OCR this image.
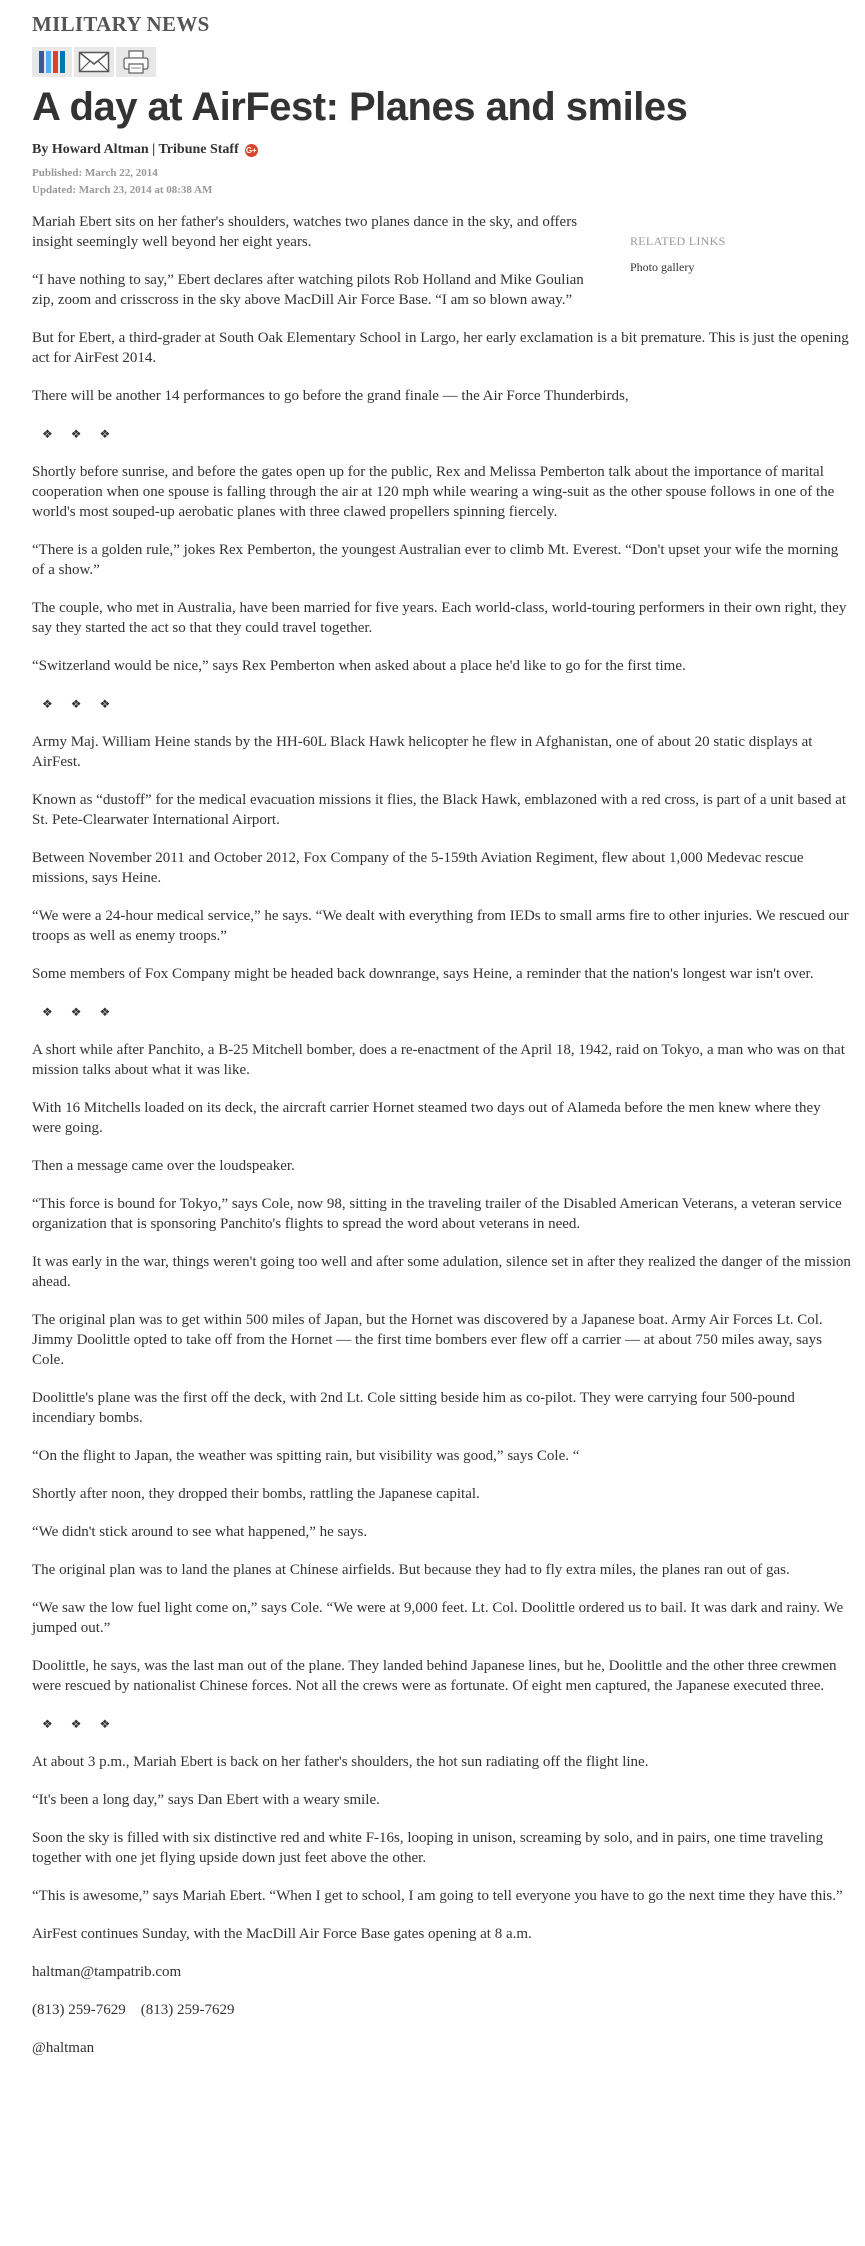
MILITARY NEWS
A day at AirFest: Planes and smiles
By Howard Altman | Tribune Staff G+
Published: March 22, 2014
Updated: March 23, 2014 at 08:38 AM
RELATED LINKS
Photo gallery

Mariah Ebert sits on her father's shoulders, watches two planes dance in the sky, and offers insight seemingly well beyond her eight years.

“I have nothing to say,” Ebert declares after watching pilots Rob Holland and Mike Goulian zip, zoom and crisscross in the sky above MacDill Air Force Base. “I am so blown away.”

But for Ebert, a third-grader at South Oak Elementary School in Largo, her early exclamation is a bit premature. This is just the opening act for AirFest 2014.

There will be another 14 performances to go before the grand finale — the Air Force Thunderbirds,

❖ ❖ ❖

Shortly before sunrise, and before the gates open up for the public, Rex and Melissa Pemberton talk about the importance of marital cooperation when one spouse is falling through the air at 120 mph while wearing a wing-suit as the other spouse follows in one of the world's most souped-up aerobatic planes with three clawed propellers spinning fiercely.

“There is a golden rule,” jokes Rex Pemberton, the youngest Australian ever to climb Mt. Everest. “Don't upset your wife the morning of a show.”

The couple, who met in Australia, have been married for five years. Each world-class, world-touring performers in their own right, they say they started the act so that they could travel together.

“Switzerland would be nice,” says Rex Pemberton when asked about a place he'd like to go for the first time.

❖ ❖ ❖

Army Maj. William Heine stands by the HH-60L Black Hawk helicopter he flew in Afghanistan, one of about 20 static displays at AirFest.

Known as “dustoff” for the medical evacuation missions it flies, the Black Hawk, emblazoned with a red cross, is part of a unit based at St. Pete-Clearwater International Airport.

Between November 2011 and October 2012, Fox Company of the 5-159th Aviation Regiment, flew about 1,000 Medevac rescue missions, says Heine.

“We were a 24-hour medical service,” he says. “We dealt with everything from IEDs to small arms fire to other injuries. We rescued our troops as well as enemy troops.”

Some members of Fox Company might be headed back downrange, says Heine, a reminder that the nation's longest war isn't over.

❖ ❖ ❖

A short while after Panchito, a B-25 Mitchell bomber, does a re-enactment of the April 18, 1942, raid on Tokyo, a man who was on that mission talks about what it was like.

With 16 Mitchells loaded on its deck, the aircraft carrier Hornet steamed two days out of Alameda before the men knew where they were going.

Then a message came over the loudspeaker.

“This force is bound for Tokyo,” says Cole, now 98, sitting in the traveling trailer of the Disabled American Veterans, a veteran service organization that is sponsoring Panchito's flights to spread the word about veterans in need.

It was early in the war, things weren't going too well and after some adulation, silence set in after they realized the danger of the mission ahead.

The original plan was to get within 500 miles of Japan, but the Hornet was discovered by a Japanese boat. Army Air Forces Lt. Col. Jimmy Doolittle opted to take off from the Hornet — the first time bombers ever flew off a carrier — at about 750 miles away, says Cole.

Doolittle's plane was the first off the deck, with 2nd Lt. Cole sitting beside him as co-pilot. They were carrying four 500-pound incendiary bombs.

“On the flight to Japan, the weather was spitting rain, but visibility was good,” says Cole. “

Shortly after noon, they dropped their bombs, rattling the Japanese capital.

“We didn't stick around to see what happened,” he says.

The original plan was to land the planes at Chinese airfields. But because they had to fly extra miles, the planes ran out of gas.

“We saw the low fuel light come on,” says Cole. “We were at 9,000 feet. Lt. Col. Doolittle ordered us to bail. It was dark and rainy. We jumped out.”

Doolittle, he says, was the last man out of the plane. They landed behind Japanese lines, but he, Doolittle and the other three crewmen were rescued by nationalist Chinese forces. Not all the crews were as fortunate. Of eight men captured, the Japanese executed three.

❖ ❖ ❖

At about 3 p.m., Mariah Ebert is back on her father's shoulders, the hot sun radiating off the flight line.

“It's been a long day,” says Dan Ebert with a weary smile.

Soon the sky is filled with six distinctive red and white F-16s, looping in unison, screaming by solo, and in pairs, one time traveling together with one jet flying upside down just feet above the other.

“This is awesome,” says Mariah Ebert. “When I get to school, I am going to tell everyone you have to go the next time they have this.”

AirFest continues Sunday, with the MacDill Air Force Base gates opening at 8 a.m.

haltman@tampatrib.com

(813) 259-7629 (813) 259-7629

@haltman
